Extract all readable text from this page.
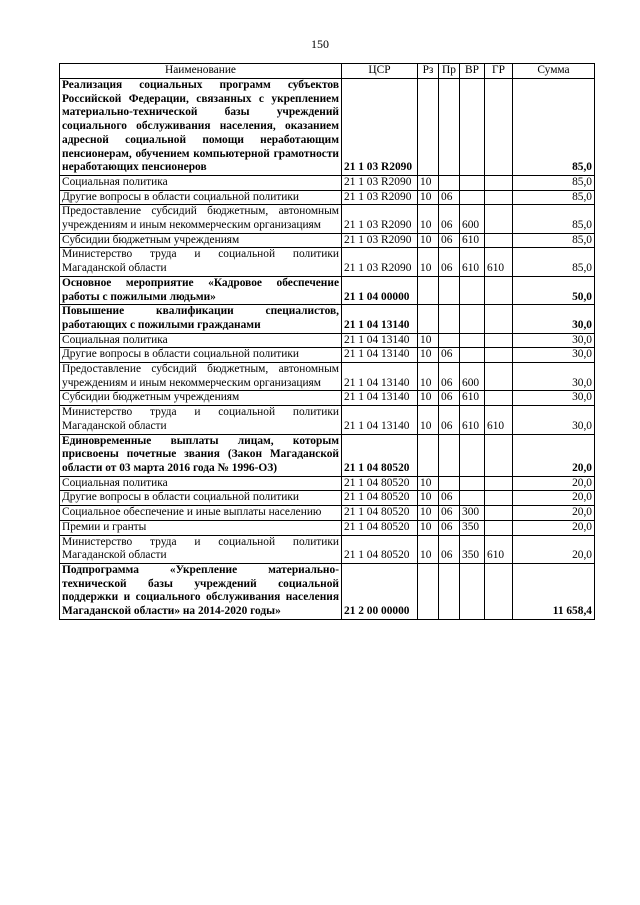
150
Наименование	ЦСР	Рз	Пр	ВР	ГР	Сумма
Реализация социальных программ субъектов Российской Федерации, связанных с укреплением материально-технической базы учреждений социального обслуживания населения, оказанием адресной социальной помощи неработающим пенсионерам, обучением компьютерной грамотности неработающих пенсионеров	21 1 03 R2090					85,0
Социальная политика	21 1 03 R2090	10				85,0
Другие вопросы в области социальной политики	21 1 03 R2090	10	06			85,0
Предоставление субсидий бюджетным, автономным учреждениям и иным некоммерческим организациям	21 1 03 R2090	10	06	600		85,0
Субсидии бюджетным учреждениям	21 1 03 R2090	10	06	610		85,0
Министерство труда и социальной политики Магаданской области	21 1 03 R2090	10	06	610	610	85,0
Основное мероприятие «Кадровое обеспечение работы с пожилыми людьми»	21 1 04 00000					50,0
Повышение квалификации специалистов, работающих с пожилыми гражданами	21 1 04 13140					30,0
Социальная политика	21 1 04 13140	10				30,0
Другие вопросы в области социальной политики	21 1 04 13140	10	06			30,0
Предоставление субсидий бюджетным, автономным учреждениям и иным некоммерческим организациям	21 1 04 13140	10	06	600		30,0
Субсидии бюджетным учреждениям	21 1 04 13140	10	06	610		30,0
Министерство труда и социальной политики Магаданской области	21 1 04 13140	10	06	610	610	30,0
Единовременные выплаты лицам, которым присвоены почетные звания (Закон Магаданской области от 03 марта 2016 года № 1996-ОЗ)	21 1 04 80520					20,0
Социальная политика	21 1 04 80520	10				20,0
Другие вопросы в области социальной политики	21 1 04 80520	10	06			20,0
Социальное обеспечение и иные выплаты населению	21 1 04 80520	10	06	300		20,0
Премии и гранты	21 1 04 80520	10	06	350		20,0
Министерство труда и социальной политики Магаданской области	21 1 04 80520	10	06	350	610	20,0
Подпрограмма «Укрепление материально-технической базы учреждений социальной поддержки и социального обслуживания населения Магаданской области» на 2014-2020 годы»	21 2 00 00000					11 658,4
